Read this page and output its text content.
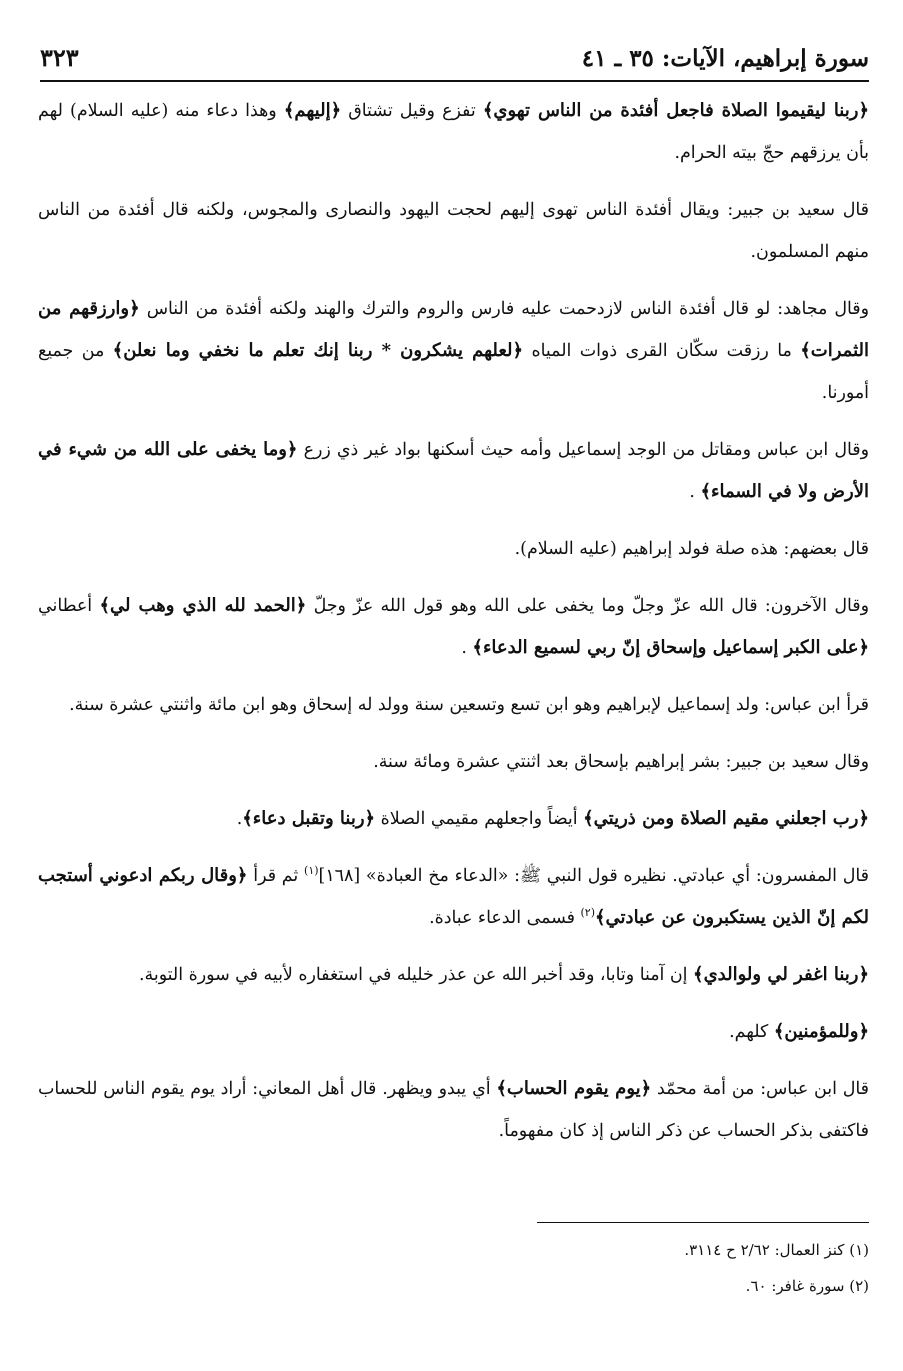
سورة إبراهيم، الآيات: ٣٥ ـ ٤١
٣٢٣

﴿ربنا ليقيموا الصلاة فاجعل أفئدة من الناس تهوي﴾ تفزع وقيل تشتاق ﴿إليهم﴾ وهذا دعاء منه (عليه السلام) لهم بأن يرزقهم حجّ بيته الحرام.

قال سعيد بن جبير: ويقال أفئدة الناس تهوى إليهم لحجت اليهود والنصارى والمجوس، ولكنه قال أفئدة من الناس منهم المسلمون.

وقال مجاهد: لو قال أفئدة الناس لازدحمت عليه فارس والروم والترك والهند ولكنه أفئدة من الناس ﴿وارزقهم من الثمرات﴾ ما رزقت سكّان القرى ذوات المياه ﴿لعلهم يشكرون * ربنا إنك تعلم ما نخفي وما نعلن﴾ من جميع أمورنا.

وقال ابن عباس ومقاتل من الوجد إسماعيل وأمه حيث أسكنها بواد غير ذي زرع ﴿وما يخفى على الله من شيء في الأرض ولا في السماء﴾ .

قال بعضهم: هذه صلة فولد إبراهيم (عليه السلام).

وقال الآخرون: قال الله عزّ وجلّ وما يخفى على الله وهو قول الله عزّ وجلّ ﴿الحمد لله الذي وهب لي﴾ أعطاني ﴿على الكبر إسماعيل وإسحاق إنّ ربي لسميع الدعاء﴾ .

قرأ ابن عباس: ولد إسماعيل لإبراهيم وهو ابن تسع وتسعين سنة وولد له إسحاق وهو ابن مائة واثنتي عشرة سنة.

وقال سعيد بن جبير: بشر إبراهيم بإسحاق بعد اثنتي عشرة ومائة سنة.

﴿رب اجعلني مقيم الصلاة ومن ذريتي﴾ أيضاً واجعلهم مقيمي الصلاة ﴿ربنا وتقبل دعاء﴾.

قال المفسرون: أي عبادتي. نظيره قول النبي ﷺ: «الدعاء مخ العبادة» [١٦٨]$^{(١)}$ ثم قرأ ﴿وقال ربكم ادعوني أستجب لكم إنّ الذين يستكبرون عن عبادتي﴾$^{(٢)}$ فسمى الدعاء عبادة.

﴿ربنا اغفر لي ولوالدي﴾ إن آمنا وتابا، وقد أخبر الله عن عذر خليله في استغفاره لأبيه في سورة التوبة.

﴿وللمؤمنين﴾ كلهم.

قال ابن عباس: من أمة محمّد ﴿يوم يقوم الحساب﴾ أي يبدو ويظهر. قال أهل المعاني: أراد يوم يقوم الناس للحساب فاكتفى بذكر الحساب عن ذكر الناس إذ كان مفهوماً.

(١) كنز العمال: ٢/٦٢ ح ٣١١٤.

(٢) سورة غافر: ٦٠.
